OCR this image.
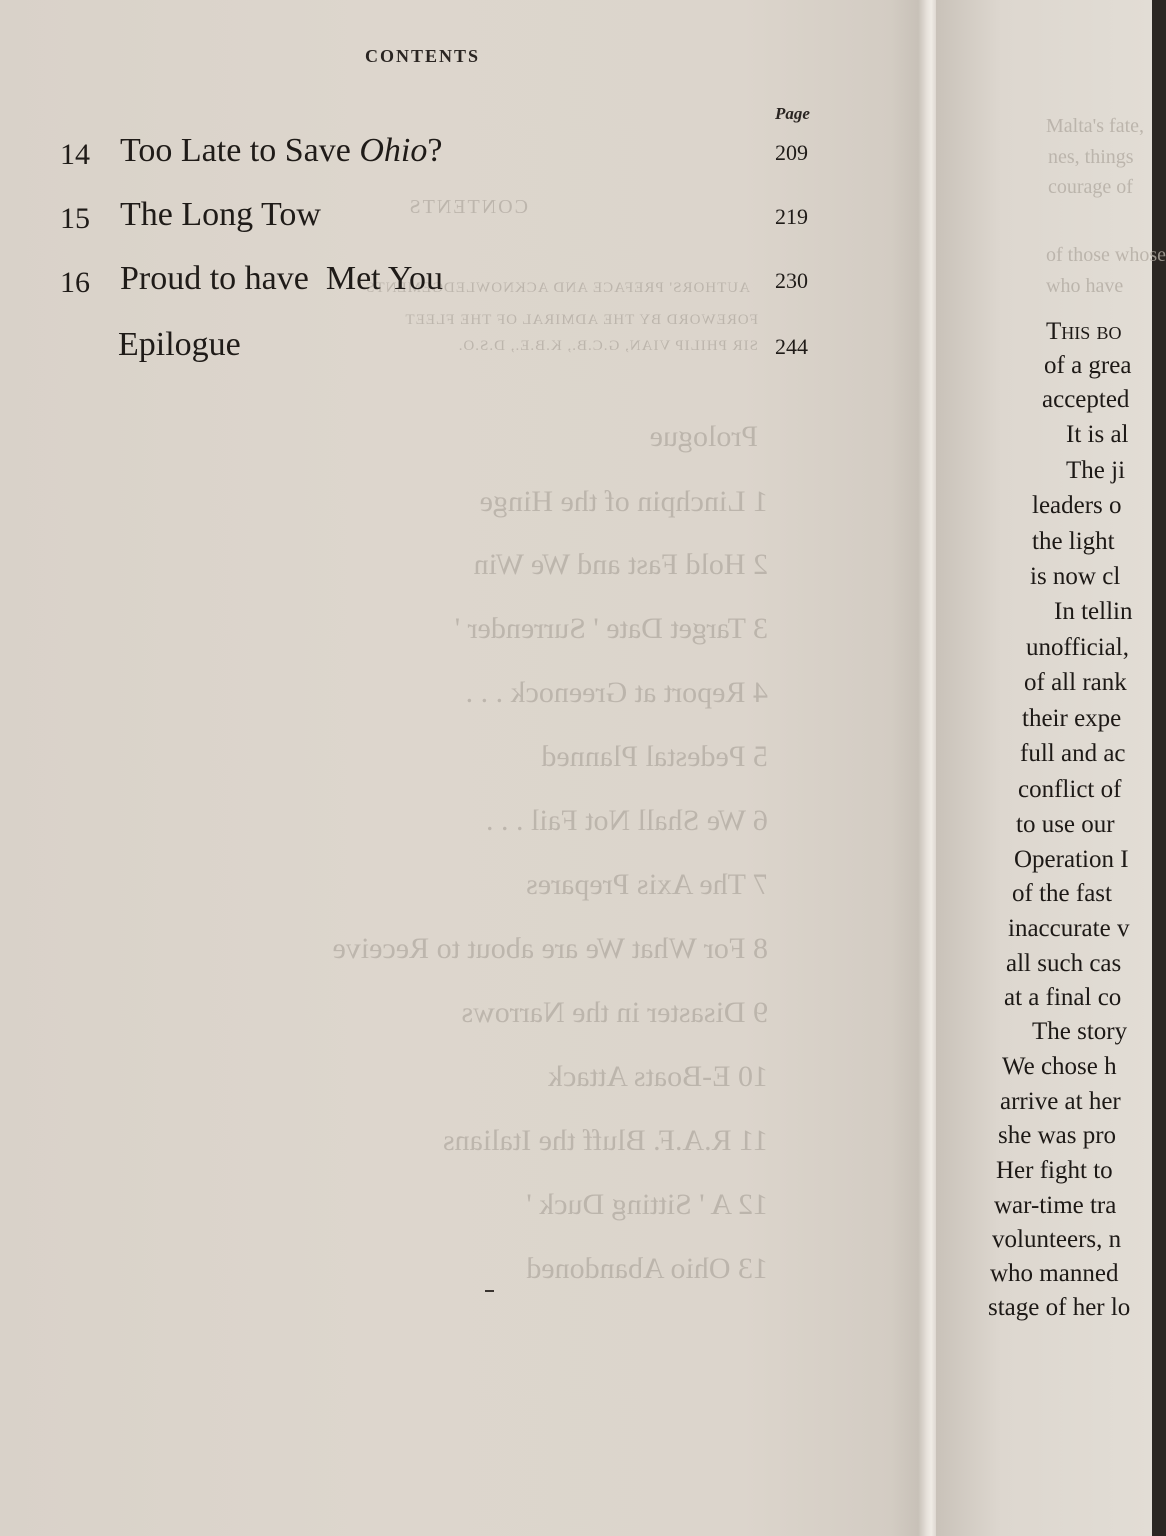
CONTENTS
AUTHORS' PREFACE AND ACKNOWLEDGEMENTS
FOREWORD BY THE ADMIRAL OF THE FLEET
SIR PHILIP VIAN, G.C.B., K.B.E., D.S.O.
Prologue
1 Linchpin of the Hinge
2 Hold Fast and We Win
3 Target Date ' Surrender '
4 Report at Greenock . . .
5 Pedestal Planned
6 We Shall Not Fail . . .
7 The Axis Prepares
8 For What We are about to Receive
9 Disaster in the Narrows
10 E-Boats Attack
11 R.A.F. Bluff the Italians
12 A ' Sitting Duck '
13 Ohio Abandoned
CONTENTS
Page
14 Too Late to Save Ohio?	209
15 The Long Tow	219
16 Proud to have  Met You	230
Epilogue	244
Malta's fate,
nes, things
courage of
of those whose
who have
This bo
of a grea
accepted
It is al
The ji
leaders o
the light
is now cl
In tellin
unofficial,
of all rank
their expe
full and ac
conflict of
to use our
Operation I
of the fast
inaccurate v
all such cas
at a final co
The story
We chose h
arrive at her
she was pro
Her fight to
war-time tra
volunteers, n
who manned
stage of her lo
